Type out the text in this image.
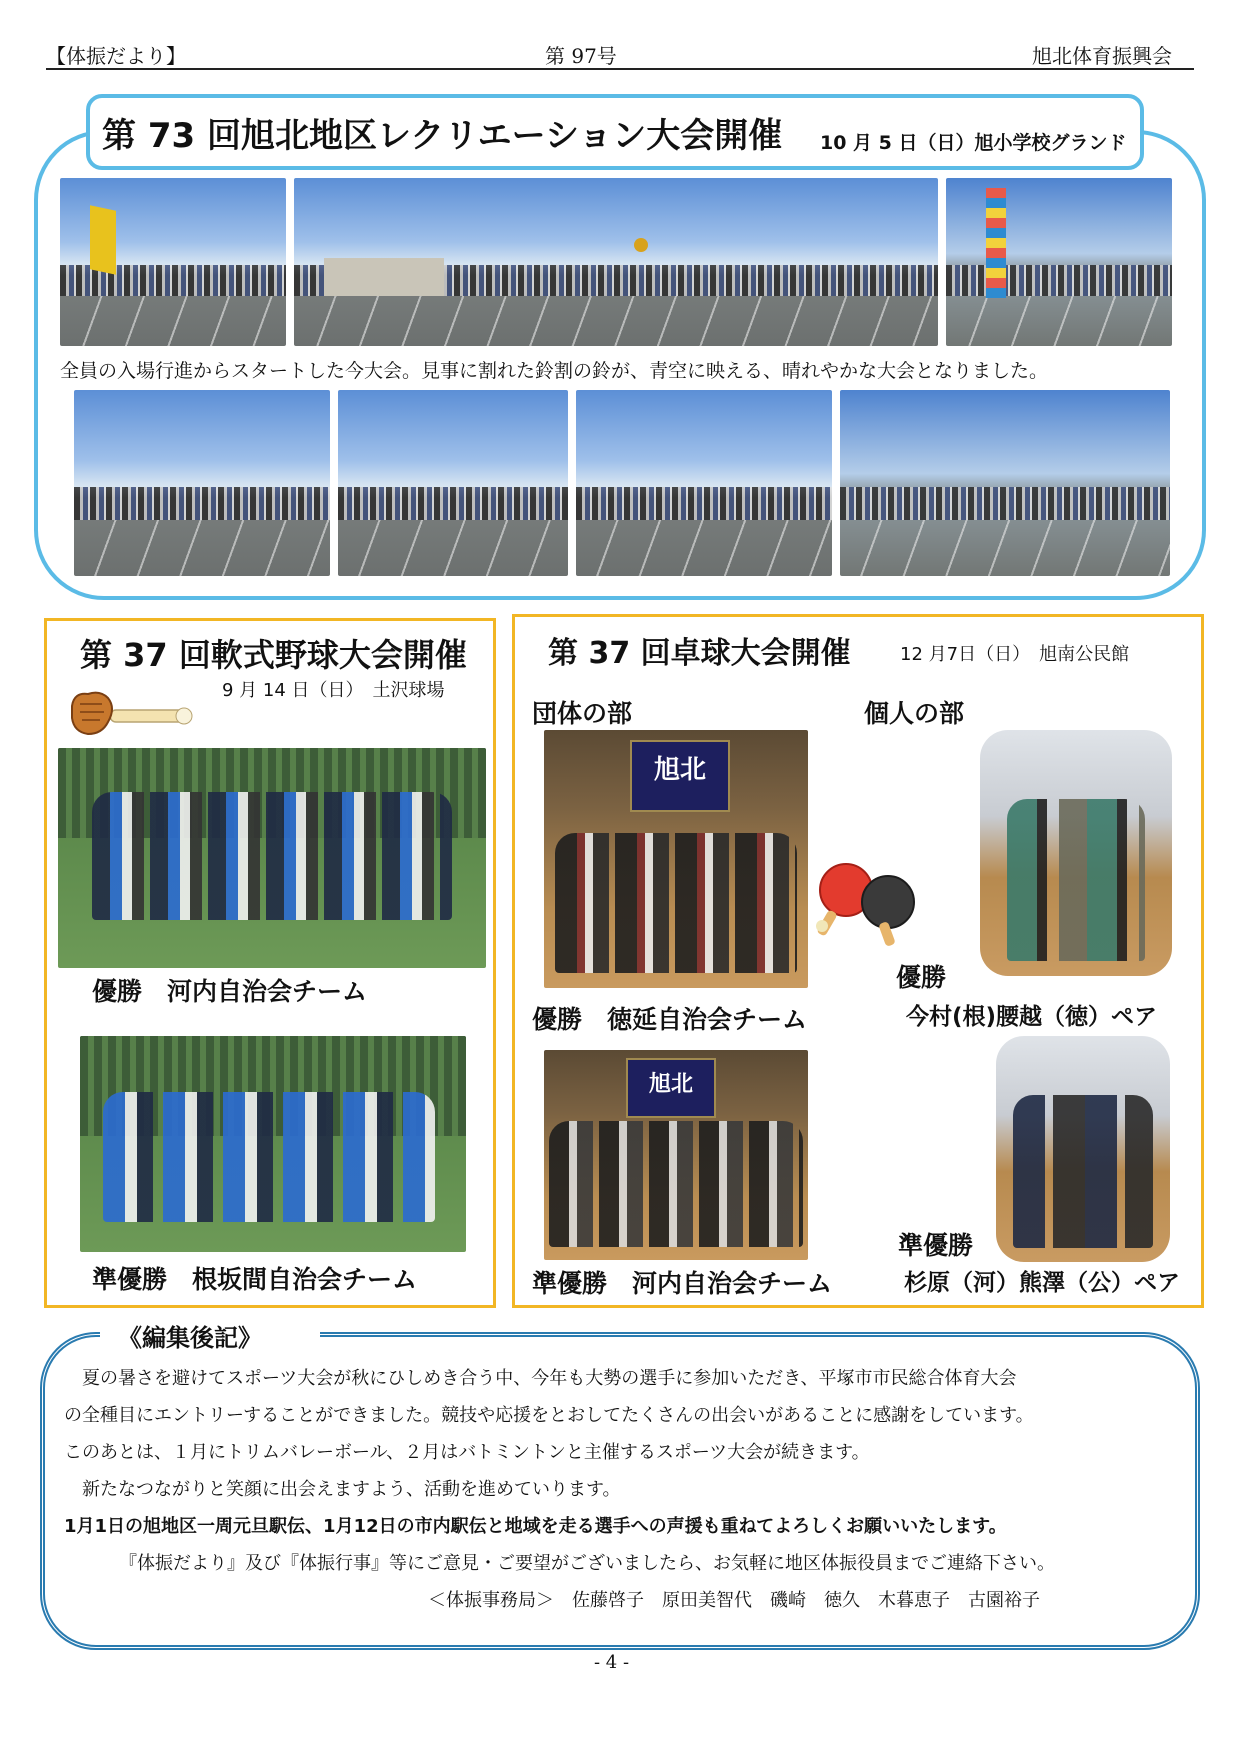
【体振だより】	第 97号	旭北体育振興会
第 73 回旭北地区レクリエーション大会開催 10 月 5 日（日）旭小学校グランド
全員の入場行進からスタートした今大会。見事に割れた鈴割の鈴が、青空に映える、晴れやかな大会となりました。
第 37 回軟式野球大会開催
9 月 14 日（日）　土沢球場
優勝　河内自治会チーム
準優勝　根坂間自治会チーム
第 37 回卓球大会開催	12 月7日（日）　旭南公民館
団体の部	個人の部
旭北
優勝　徳延自治会チーム
優勝
今村(根)腰越（徳）ペア
旭北
準優勝　河内自治会チーム
準優勝
杉原（河）熊澤（公）ペア
《編集後記》
　夏の暑さを避けてスポーツ大会が秋にひしめき合う中、今年も大勢の選手に参加いただき、平塚市市民総合体育大会
の全種目にエントリーすることができました。競技や応援をとおしてたくさんの出会いがあることに感謝をしています。
このあとは、１月にトリムバレーボール、２月はバトミントンと主催するスポーツ大会が続きます。
　新たなつながりと笑顔に出会えますよう、活動を進めていります。
1月1日の旭地区一周元旦駅伝、1月12日の市内駅伝と地域を走る選手への声援も重ねてよろしくお願いいたします。
　『体振だより』及び『体振行事』等にご意見・ご要望がございましたら、お気軽に地区体振役員までご連絡下さい。
＜体振事務局＞　佐藤啓子　原田美智代　磯崎　徳久　木暮恵子　古園裕子
- 4 -
